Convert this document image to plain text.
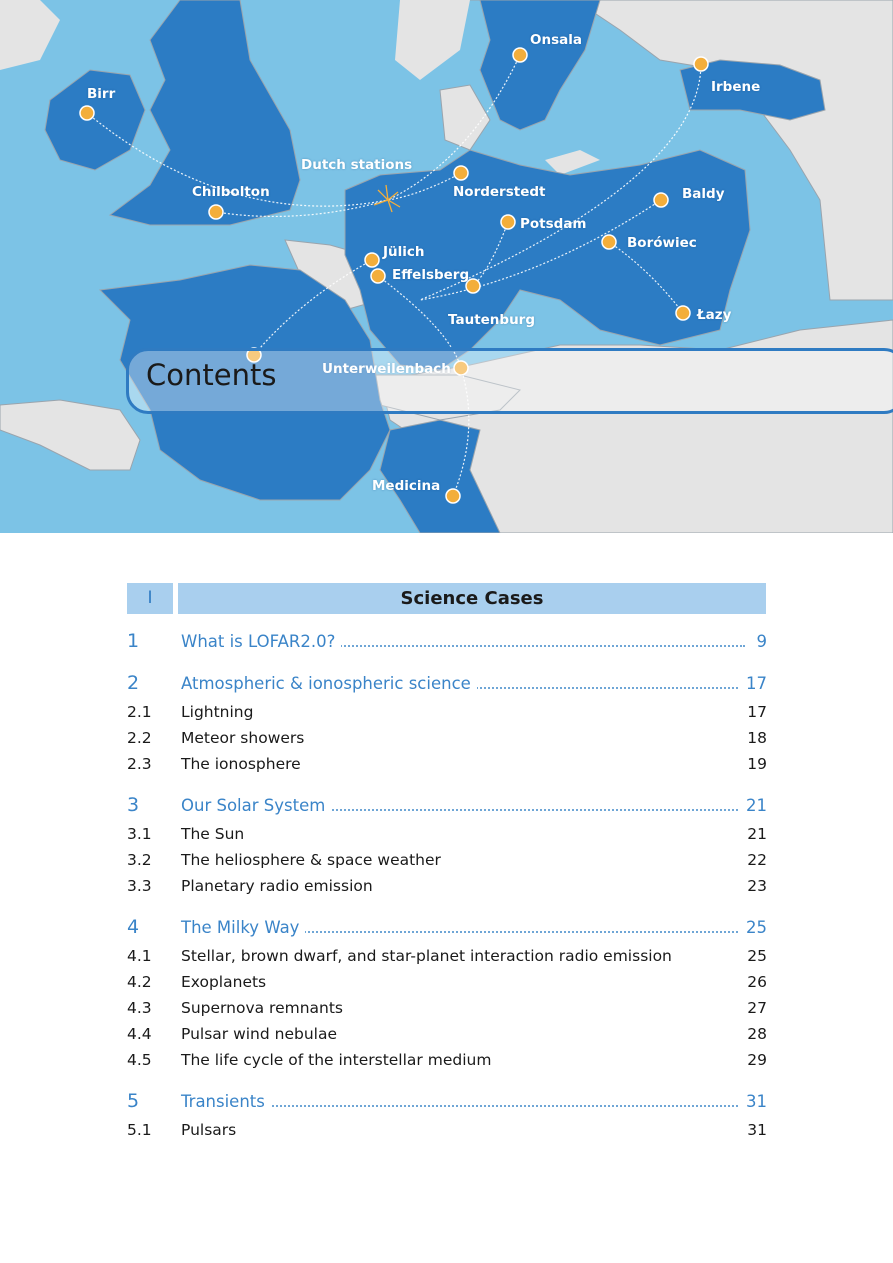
Onsala
Irbene
Birr
Dutch stations
Chilbolton	Norderstedt	Baldy
Potsdam
Borówiec
Jülich
Effelsberg
Tautenburg	Łazy
Unterweilenbach
Medicina
Contents
I	Science Cases
1	What is LOFAR2.0?	9
2	Atmospheric & ionospheric science	17
2.1 Lightning	17
2.2 Meteor showers	18
2.3 The ionosphere	19
3	Our Solar System	21
3.1 The Sun	21
3.2 The heliosphere & space weather	22
3.3 Planetary radio emission	23
4	The Milky Way	25
4.1 Stellar, brown dwarf, and star-planet interaction radio emission	25
4.2 Exoplanets	26
4.3 Supernova remnants	27
4.4 Pulsar wind nebulae	28
4.5 The life cycle of the interstellar medium	29
5	Transients	31
5.1 Pulsars	31
